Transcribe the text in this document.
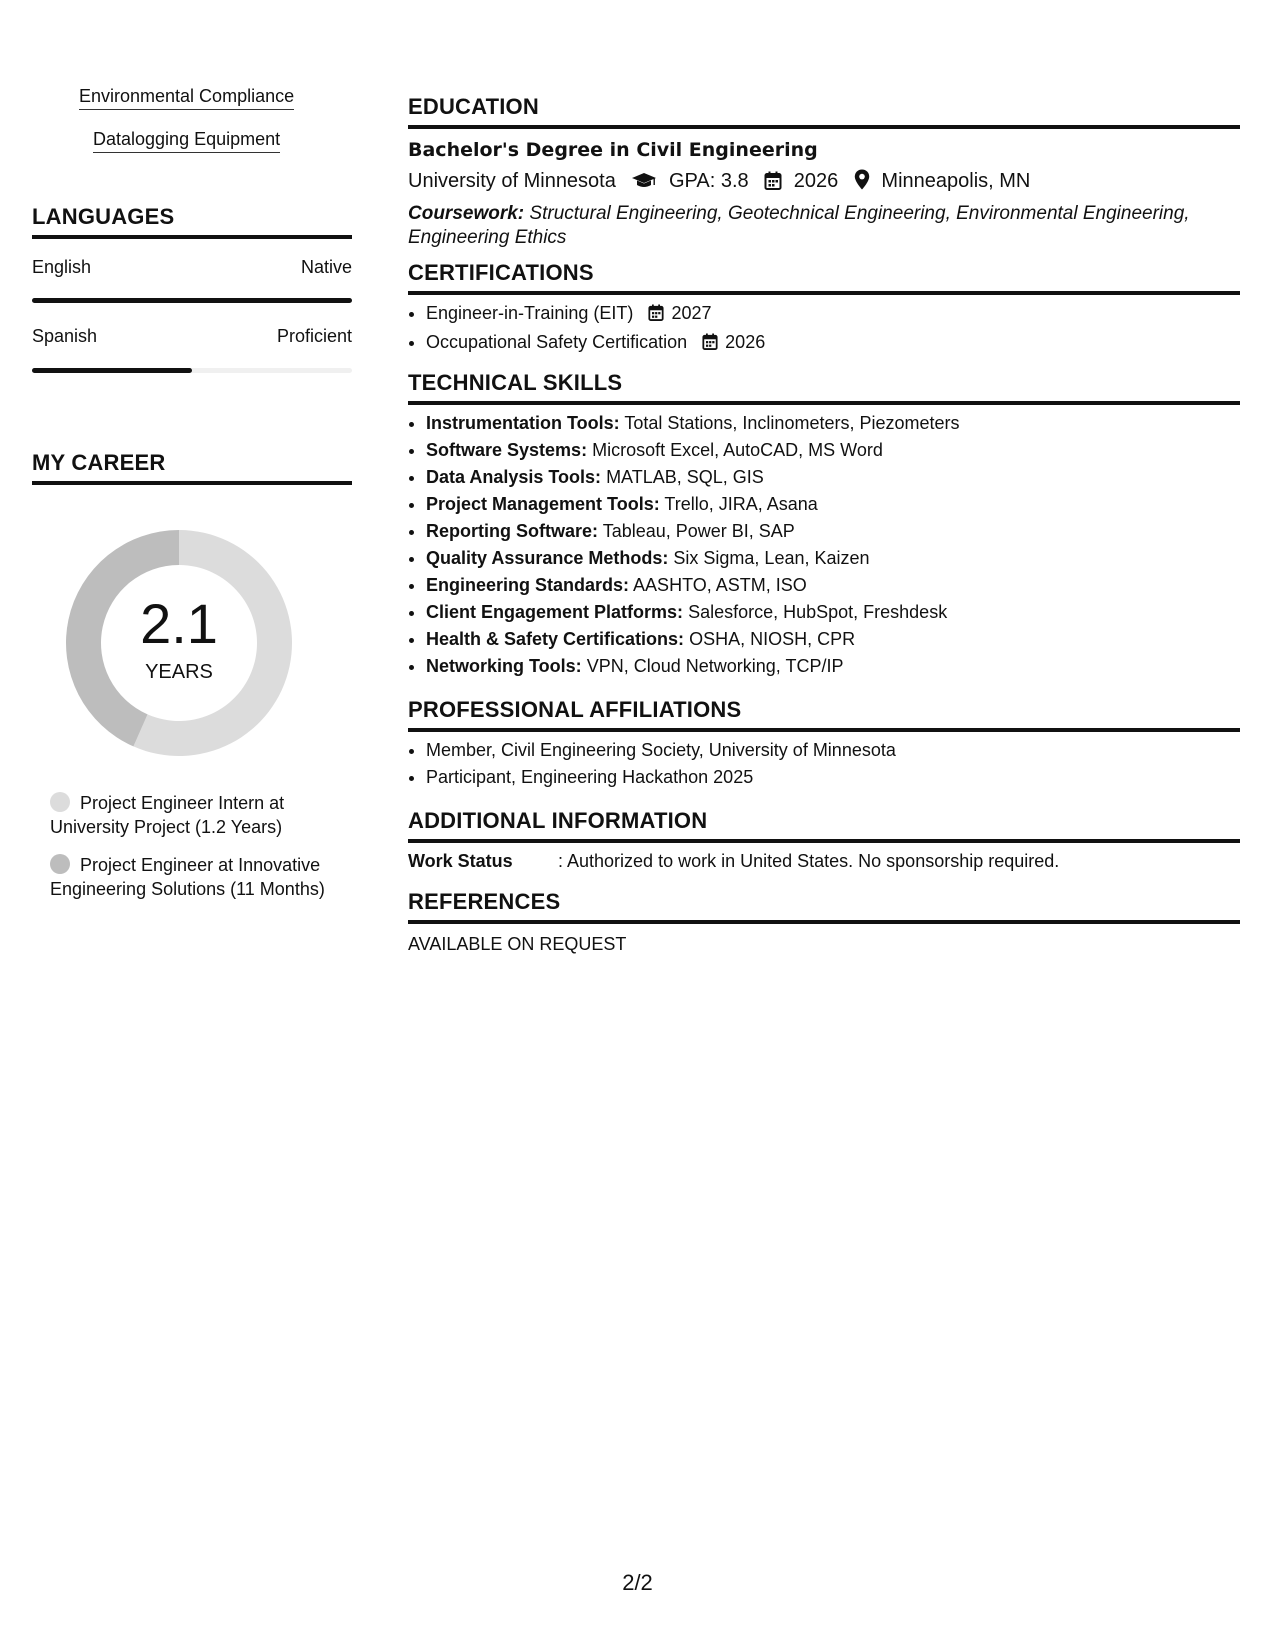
Environmental Compliance
Datalogging Equipment
LANGUAGES
English	Native
Spanish	Proficient
MY CAREER
2.1
YEARS
Project Engineer Intern at University Project (1.2 Years)
Project Engineer at Innovative Engineering Solutions (11 Months)
EDUCATION

Bachelor's Degree in Civil Engineering

University of Minnesota	GPA: 3.8 2026 Minneapolis, MN
Coursework: Structural Engineering, Geotechnical Engineering, Environmental Engineering, Engineering Ethics
CERTIFICATIONS
• Engineer-in-Training (EIT) 2027
• Occupational Safety Certification 2026
TECHNICAL SKILLS
• Instrumentation Tools: Total Stations, Inclinometers, Piezometers
• Software Systems: Microsoft Excel, AutoCAD, MS Word
• Data Analysis Tools: MATLAB, SQL, GIS
• Project Management Tools: Trello, JIRA, Asana
• Reporting Software: Tableau, Power BI, SAP
• Quality Assurance Methods: Six Sigma, Lean, Kaizen
• Engineering Standards: AASHTO, ASTM, ISO
• Client Engagement Platforms: Salesforce, HubSpot, Freshdesk
• Health & Safety Certifications: OSHA, NIOSH, CPR
• Networking Tools: VPN, Cloud Networking, TCP/IP
PROFESSIONAL AFFILIATIONS
• Member, Civil Engineering Society, University of Minnesota
• Participant, Engineering Hackathon 2025
ADDITIONAL INFORMATION
Work Status	: Authorized to work in United States. No sponsorship required.
REFERENCES
AVAILABLE ON REQUEST
2/2
